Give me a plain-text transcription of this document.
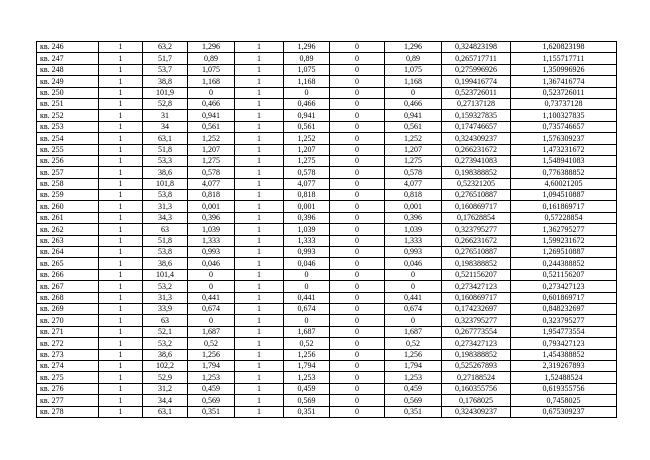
кв. 246	1	63,2	1,296	1	1,296	0	1,296	0,324823198	1,620823198
кв. 247	1	51,7	0,89	1	0,89	0	0,89	0,265717711	1,155717711
кв. 248	1	53,7	1,075	1	1,075	0	1,075	0,275996926	1,350996926
кв. 249	1	38,8	1,168	1	1,168	0	1,168	0,199416774	1,367416774
кв. 250	1	101,9	0	1	0	0	0	0,523726011	0,523726011
кв. 251	1	52,8	0,466	1	0,466	0	0,466	0,27137128	0,73737128
кв. 252	1	31	0,941	1	0,941	0	0,941	0,159327835	1,100327835
кв. 253	1	34	0,561	1	0,561	0	0,561	0,174746657	0,735746657
кв. 254	1	63,1	1,252	1	1,252	0	1,252	0,324309237	1,576309237
кв. 255	1	51,8	1,207	1	1,207	0	1,207	0,266231672	1,473231672
кв. 256	1	53,3	1,275	1	1,275	0	1,275	0,273941083	1,548941083
кв. 257	1	38,6	0,578	1	0,578	0	0,578	0,198388852	0,776388852
кв. 258	1	101,8	4,077	1	4,077	0	4,077	0,52321205	4,60021205
кв. 259	1	53,8	0,818	1	0,818	0	0,818	0,276510887	1,094510887
кв. 260	1	31,3	0,001	1	0,001	0	0,001	0,160869717	0,161869717
кв. 261	1	34,3	0,396	1	0,396	0	0,396	0,17628854	0,57228854
кв. 262	1	63	1,039	1	1,039	0	1,039	0,323795277	1,362795277
кв. 263	1	51,8	1,333	1	1,333	0	1,333	0,266231672	1,599231672
кв. 264	1	53,8	0,993	1	0,993	0	0,993	0,276510887	1,269510887
кв. 265	1	38,6	0,046	1	0,046	0	0,046	0,198388852	0,244388852
кв. 266	1	101,4	0	1	0	0	0	0,521156207	0,521156207
кв. 267	1	53,2	0	1	0	0	0	0,273427123	0,273427123
кв. 268	1	31,3	0,441	1	0,441	0	0,441	0,160869717	0,601869717
кв. 269	1	33,9	0,674	1	0,674	0	0,674	0,174232697	0,848232697
кв. 270	1	63	0	1	0	0	0	0,323795277	0,323795277
кв. 271	1	52,1	1,687	1	1,687	0	1,687	0,267773554	1,954773554
кв. 272	1	53,2	0,52	1	0,52	0	0,52	0,273427123	0,793427123
кв. 273	1	38,6	1,256	1	1,256	0	1,256	0,198388852	1,454388852
кв. 274	1	102,2	1,794	1	1,794	0	1,794	0,525267893	2,319267893
кв. 275	1	52,9	1,253	1	1,253	0	1,253	0,27188524	1,52488524
кв. 276	1	31,2	0,459	1	0,459	0	0,459	0,160355756	0,619355756
кв. 277	1	34,4	0,569	1	0,569	0	0,569	0,1768025	0,7458025
кв. 278	1	63,1	0,351	1	0,351	0	0,351	0,324309237	0,675309237
